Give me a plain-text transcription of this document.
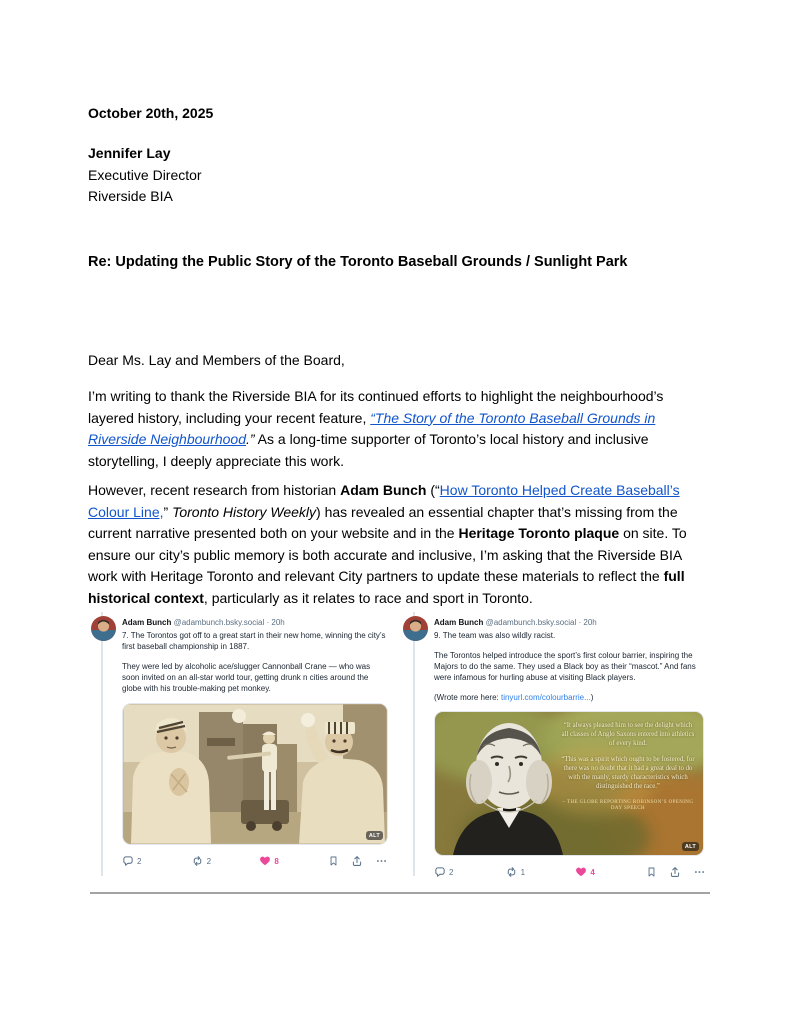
October 20th, 2025
Jennifer Lay
Executive Director
Riverside BIA
Re: Updating the Public Story of the Toronto Baseball Grounds / Sunlight Park
Dear Ms. Lay and Members of the Board,
I’m writing to thank the Riverside BIA for its continued efforts to highlight the neighbourhood’s layered history, including your recent feature, “The Story of the Toronto Baseball Grounds in Riverside Neighbourhood.” As a long-time supporter of Toronto’s local history and inclusive storytelling, I deeply appreciate this work.
However, recent research from historian Adam Bunch (“How Toronto Helped Create Baseball’s Colour Line,” Toronto History Weekly) has revealed an essential chapter that’s missing from the current narrative presented both on your website and in the Heritage Toronto plaque on site. To ensure our city’s public memory is both accurate and inclusive, I’m asking that the Riverside BIA work with Heritage Toronto and relevant City partners to update these materials to reflect the full historical context, particularly as it relates to race and sport in Toronto.
Adam Bunch @adambunch.bsky.social · 20h

7. The Torontos got off to a great start in their new home, winning the city’s first baseball championship in 1887.

They were led by alcoholic ace/slugger Cannonball Crane — who was soon invited on an all-star world tour, getting drunk n cities around the globe with his trouble-making pet monkey.

ALT
2	2	8
Adam Bunch @adambunch.bsky.social · 20h

9. The team was also wildly racist.

The Torontos helped introduce the sport’s first colour barrier, inspiring the Majors to do the same. They used a Black boy as their “mascot.” And fans were infamous for hurling abuse at visiting Black players.

(Wrote more here: tinyurl.com/colourbarrie...)

“It always pleased him to see the delight which all classes of Anglo Saxons entered into athletics of every kind.

“This was a spirit which ought to be fostered, for there was no doubt that it had a great deal to do with the manly, sturdy characteristics which distinguished the race.”

– THE GLOBE REPORTING ROBINSON’S OPENING DAY SPEECH
ALT
2	1	4
